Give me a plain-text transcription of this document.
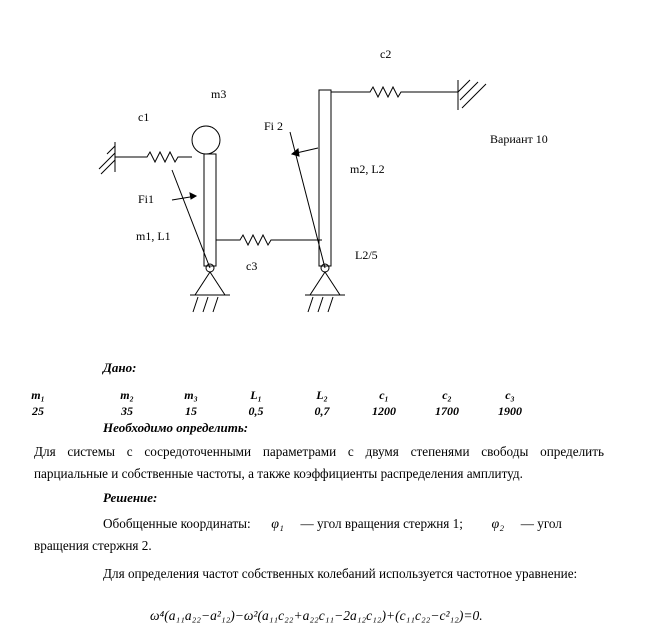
m3
c1
c2
c3
Fi1
Fi 2
m1, L1
m2, L2
L2/5
Вариант 10
Дано:
m₁	m₂	m₃	L₁	L₂	c₁	c₂	c₃
25	35	15	0,5	0,7	1200	1700	1900
Необходимо определить:
Для системы с сосредоточенными параметрами с двумя степенями свободы определить парциальные и собственные частоты, а также коэффициенты распределения амплитуд.
Решение:
Обобщенные координаты: φ₁  — угол вращения стержня 1; φ₂  — угол
вращения стержня 2.
Для определения частот собственных колебаний используется частотное уравнение:
ω⁴(a₁₁a₂₂−a²₁₂)−ω²(a₁₁c₂₂+a₂₂c₁₁−2a₁₂c₁₂)+(c₁₁c₂₂−c²₁₂)=0.
